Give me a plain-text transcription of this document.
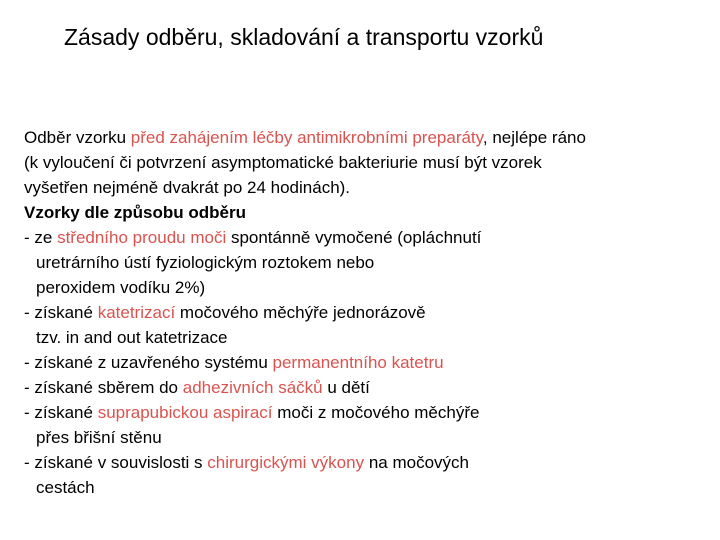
Zásady odběru, skladování a transportu vzorků
Odběr vzorku před zahájením léčby antimikrobními preparáty, nejlépe ráno
(k vyloučení či potvrzení asymptomatické bakteriurie musí být vzorek
vyšetřen nejméně dvakrát po 24 hodinách).
Vzorky dle způsobu odběru
- ze středního proudu moči spontánně vymočené (opláchnutí
uretrárního ústí fyziologickým roztokem nebo
peroxidem vodíku 2%)
- získané katetrizací močového měchýře jednorázově
tzv. in and out katetrizace
- získané z uzavřeného systému permanentního katetru
- získané sběrem do adhezivních sáčků u dětí
- získané suprapubickou aspirací moči z močového měchýře
přes břišní stěnu
- získané v souvislosti s chirurgickými výkony na močových
cestách
